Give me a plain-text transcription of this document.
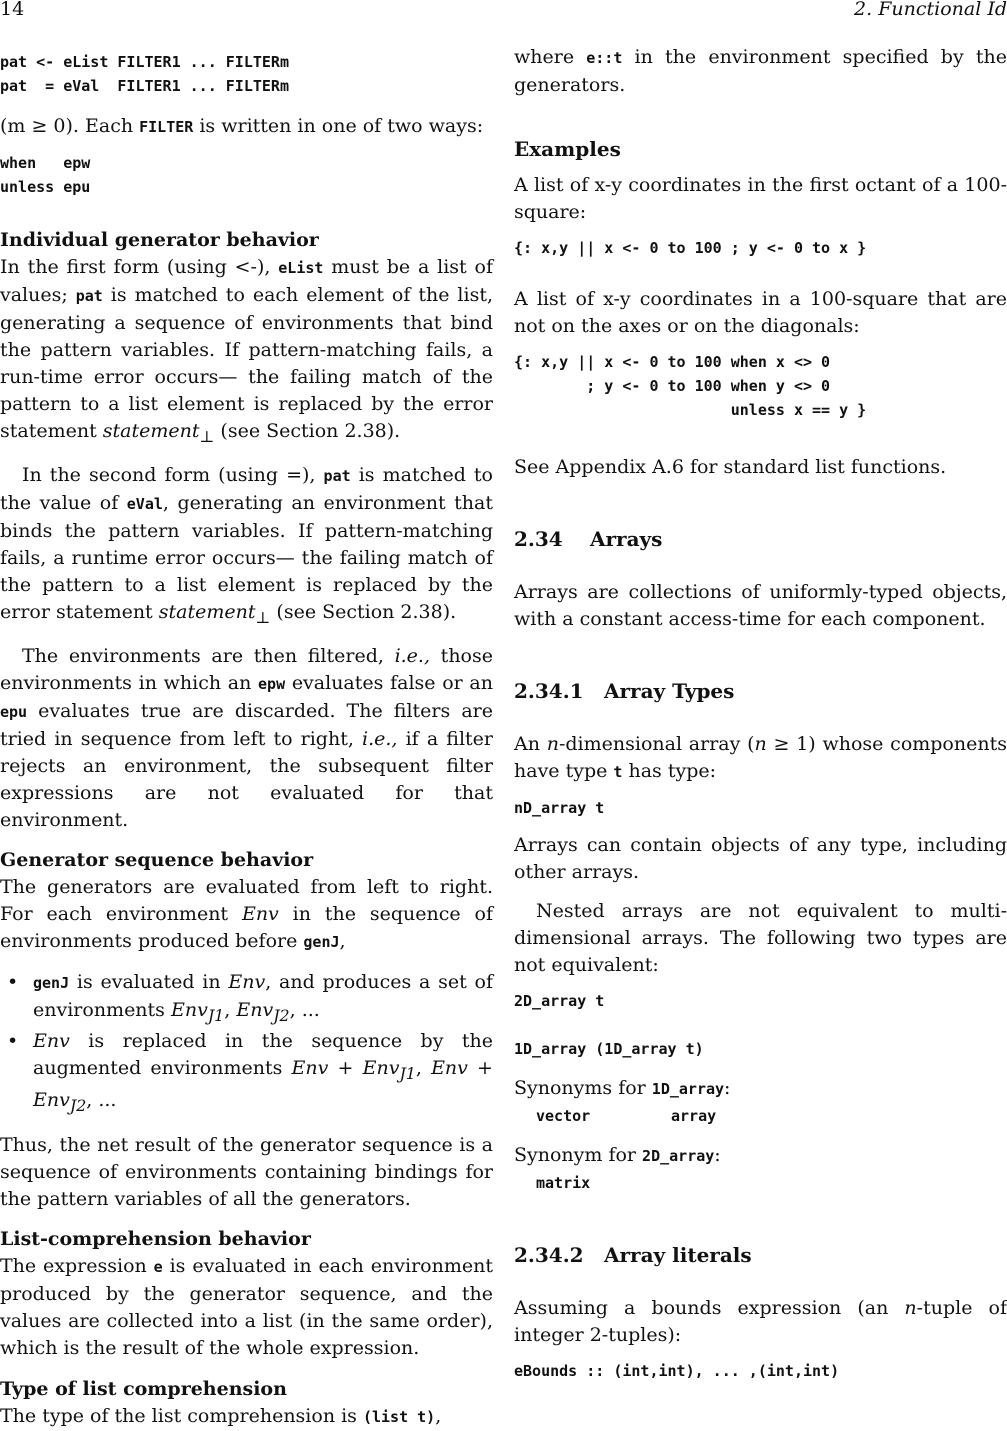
14	2. Functional Id
pat <- eList FILTER1 ... FILTERm
pat  = eVal  FILTER1 ... FILTERm

(m ≥ 0). Each FILTER is written in one of two ways:

when   epw
unless epu
Individual generator behavior

In the first form (using <-), eList must be a list of values; pat is matched to each element of the list, generating a sequence of environments that bind the pattern variables. If pattern-matching fails, a run-time error occurs— the failing match of the pattern to a list element is replaced by the error statement statement$_\perp$ (see Section 2.38).

In the second form (using =), pat is matched to the value of eVal, generating an environment that binds the pattern variables. If pattern-matching fails, a runtime error occurs— the failing match of the pattern to a list element is replaced by the error statement statement$_\perp$ (see Section 2.38).

The environments are then filtered, i.e., those environments in which an epw evaluates false or an epu evaluates true are discarded. The filters are tried in sequence from left to right, i.e., if a filter rejects an environment, the subsequent filter expressions are not evaluated for that environment.

Generator sequence behavior

The generators are evaluated from left to right. For each environment Env in the sequence of environments produced before genJ,

• genJ is evaluated in Env, and produces a set of environments Env$_{J1}$, Env$_{J2}$, ...
• Env is replaced in the sequence by the augmented environments Env + Env$_{J1}$, Env + Env$_{J2}$, ...

Thus, the net result of the generator sequence is a sequence of environments containing bindings for the pattern variables of all the generators.

List-comprehension behavior

The expression e is evaluated in each environment produced by the generator sequence, and the values are collected into a list (in the same order), which is the result of the whole expression.

Type of list comprehension

The type of the list comprehension is (list t),

where e::t in the environment specified by the generators.

Examples

A list of x-y coordinates in the first octant of a 100-square:

{: x,y || x <- 0 to 100 ; y <- 0 to x }

A list of x-y coordinates in a 100-square that are not on the axes or on the diagonals:

{: x,y || x <- 0 to 100 when x <> 0
; y <- 0 to 100 when y <> 0
unless x == y }

See Appendix A.6 for standard list functions.

2.34 Arrays

Arrays are collections of uniformly-typed objects, with a constant access-time for each component.

2.34.1 Array Types

An n-dimensional array (n ≥ 1) whose components have type t has type:

nD_array t

Arrays can contain objects of any type, including other arrays.

Nested arrays are not equivalent to multi-dimensional arrays. The following two types are not equivalent:

2D_array t
1D_array (1D_array t)

Synonyms for 1D_array:

vector	array

Synonym for 2D_array:

matrix
2.34.2 Array literals

Assuming a bounds expression (an n-tuple of integer 2-tuples):

eBounds :: (int,int), ... ,(int,int)
